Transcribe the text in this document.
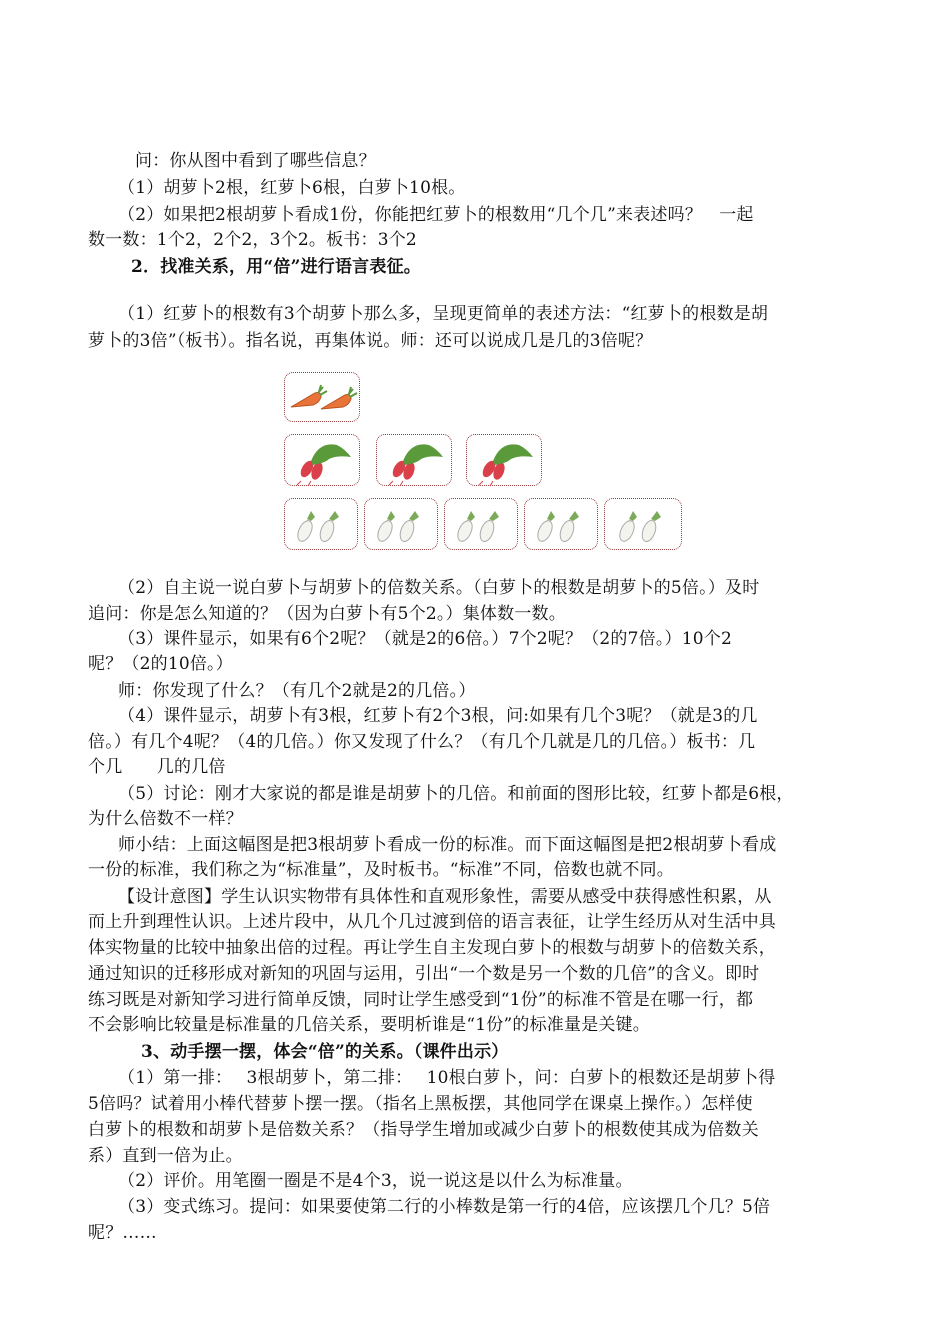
问：你从图中看到了哪些信息？
（1）胡萝卜2根，红萝卜6根，白萝卜10根。
（2）如果把2根胡萝卜看成1份，你能把红萝卜的根数用“几个几”来表述吗？　一起
数一数：1个2，2个2，3个2。板书：3个2
2．找准关系，用“倍”进行语言表征。
（1）红萝卜的根数有3个胡萝卜那么多，呈现更简单的表述方法：“红萝卜的根数是胡
萝卜的3倍”（板书）。指名说，再集体说。师：还可以说成几是几的3倍呢？
（2）自主说一说白萝卜与胡萝卜的倍数关系。（白萝卜的根数是胡萝卜的5倍。）及时
追问：你是怎么知道的？（因为白萝卜有5个2。）集体数一数。
（3）课件显示，如果有6个2呢？（就是2的6倍。）7个2呢？（2的7倍。）10个2
呢？（2的10倍。）
师：你发现了什么？（有几个2就是2的几倍。）
（4）课件显示，胡萝卜有3根，红萝卜有2个3根，问:如果有几个3呢？（就是3的几
倍。）有几个4呢？（4的几倍。）你又发现了什么？（有几个几就是几的几倍。）板书：几
个几　　几的几倍
（5）讨论：刚才大家说的都是谁是胡萝卜的几倍。和前面的图形比较，红萝卜都是6根，
为什么倍数不一样？
师小结：上面这幅图是把3根胡萝卜看成一份的标准。而下面这幅图是把2根胡萝卜看成
一份的标准，我们称之为“标准量”，及时板书。“标准”不同，倍数也就不同。
【设计意图】学生认识实物带有具体性和直观形象性，需要从感受中获得感性积累，从
而上升到理性认识。上述片段中，从几个几过渡到倍的语言表征，让学生经历从对生活中具
体实物量的比较中抽象出倍的过程。再让学生自主发现白萝卜的根数与胡萝卜的倍数关系，
通过知识的迁移形成对新知的巩固与运用，引出“一个数是另一个数的几倍”的含义。即时
练习既是对新知学习进行简单反馈，同时让学生感受到“1份”的标准不管是在哪一行，都
不会影响比较量是标准量的几倍关系，要明析谁是“1份”的标准量是关键。
3、动手摆一摆，体会“倍”的关系。（课件出示）
（1）第一排：　 3根胡萝卜，第二排：　 10根白萝卜，问：白萝卜的根数还是胡萝卜得
5倍吗？试着用小棒代替萝卜摆一摆。（指名上黑板摆，其他同学在课桌上操作。）怎样使
白萝卜的根数和胡萝卜是倍数关系？（指导学生增加或减少白萝卜的根数使其成为倍数关
系）直到一倍为止。
（2）评价。用笔圈一圈是不是4个3，说一说这是以什么为标准量。
（3）变式练习。提问：如果要使第二行的小棒数是第一行的4倍，应该摆几个几？5倍
呢？……
